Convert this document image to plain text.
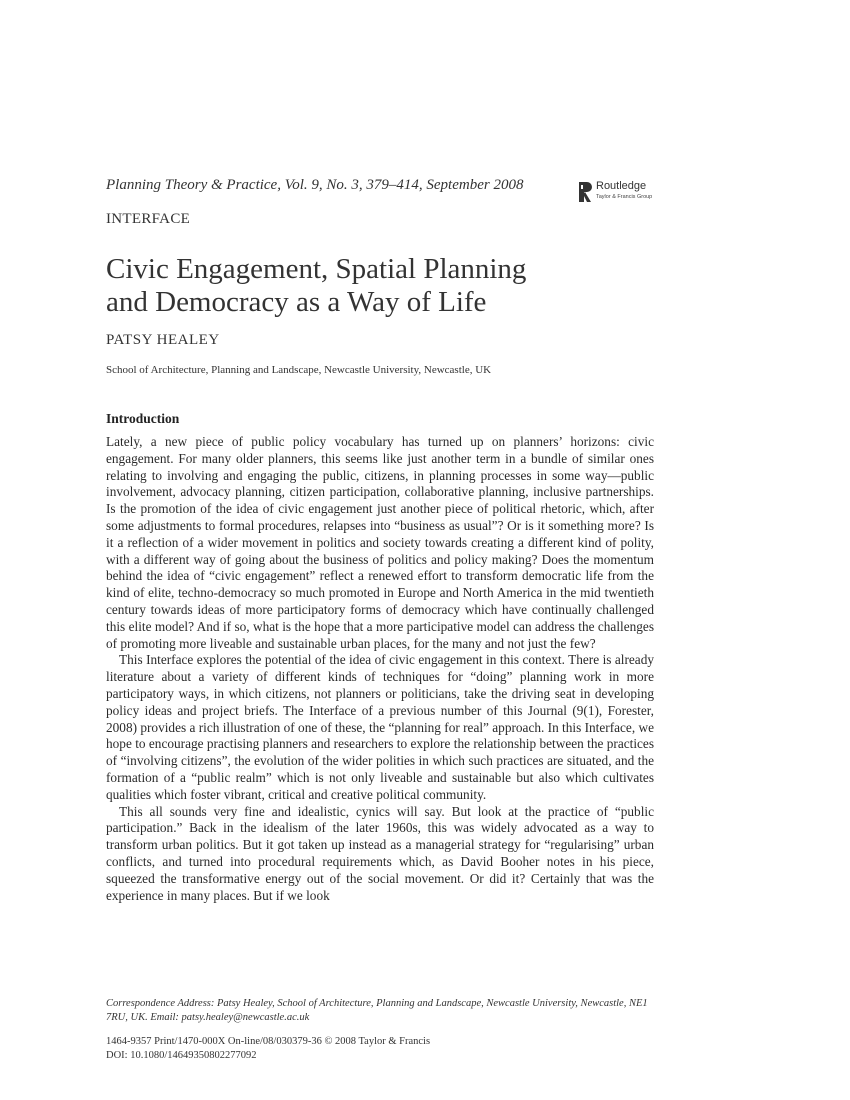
Planning Theory & Practice, Vol. 9, No. 3, 379–414, September 2008	Routledge
Taylor & Francis Group
INTERFACE
Civic Engagement, Spatial Planning
and Democracy as a Way of Life
PATSY HEALEY
School of Architecture, Planning and Landscape, Newcastle University, Newcastle, UK
Introduction

Lately, a new piece of public policy vocabulary has turned up on planners’ horizons: civic engagement. For many older planners, this seems like just another term in a bundle of similar ones relating to involving and engaging the public, citizens, in planning processes in some way—public involvement, advocacy planning, citizen participation, collaborative planning, inclusive partnerships. Is the promotion of the idea of civic engagement just another piece of political rhetoric, which, after some adjustments to formal procedures, relapses into “business as usual”? Or is it something more? Is it a reflection of a wider movement in politics and society towards creating a different kind of polity, with a different way of going about the business of politics and policy making? Does the momentum behind the idea of “civic engagement” reflect a renewed effort to transform democratic life from the kind of elite, techno-democracy so much promoted in Europe and North America in the mid twentieth century towards ideas of more participatory forms of democracy which have continually challenged this elite model? And if so, what is the hope that a more participative model can address the challenges of promoting more liveable and sustainable urban places, for the many and not just the few?

This Interface explores the potential of the idea of civic engagement in this context. There is already literature about a variety of different kinds of techniques for “doing” planning work in more participatory ways, in which citizens, not planners or politicians, take the driving seat in developing policy ideas and project briefs. The Interface of a previous number of this Journal (9(1), Forester, 2008) provides a rich illustration of one of these, the “planning for real” approach. In this Interface, we hope to encourage practising planners and researchers to explore the relationship between the practices of “involving citizens”, the evolution of the wider polities in which such practices are situated, and the formation of a “public realm” which is not only liveable and sustainable but also which cultivates qualities which foster vibrant, critical and creative political community.

This all sounds very fine and idealistic, cynics will say. But look at the practice of “public participation.” Back in the idealism of the later 1960s, this was widely advocated as a way to transform urban politics. But it got taken up instead as a managerial strategy for “regularising” urban conflicts, and turned into procedural requirements which, as David Booher notes in his piece, squeezed the transformative energy out of the social movement. Or did it? Certainly that was the experience in many places. But if we look

Correspondence Address: Patsy Healey, School of Architecture, Planning and Landscape, Newcastle University, Newcastle, NE1 7RU, UK. Email: patsy.healey@newcastle.ac.uk
1464-9357 Print/1470-000X On-line/08/030379-36 © 2008 Taylor & Francis
DOI: 10.1080/14649350802277092
